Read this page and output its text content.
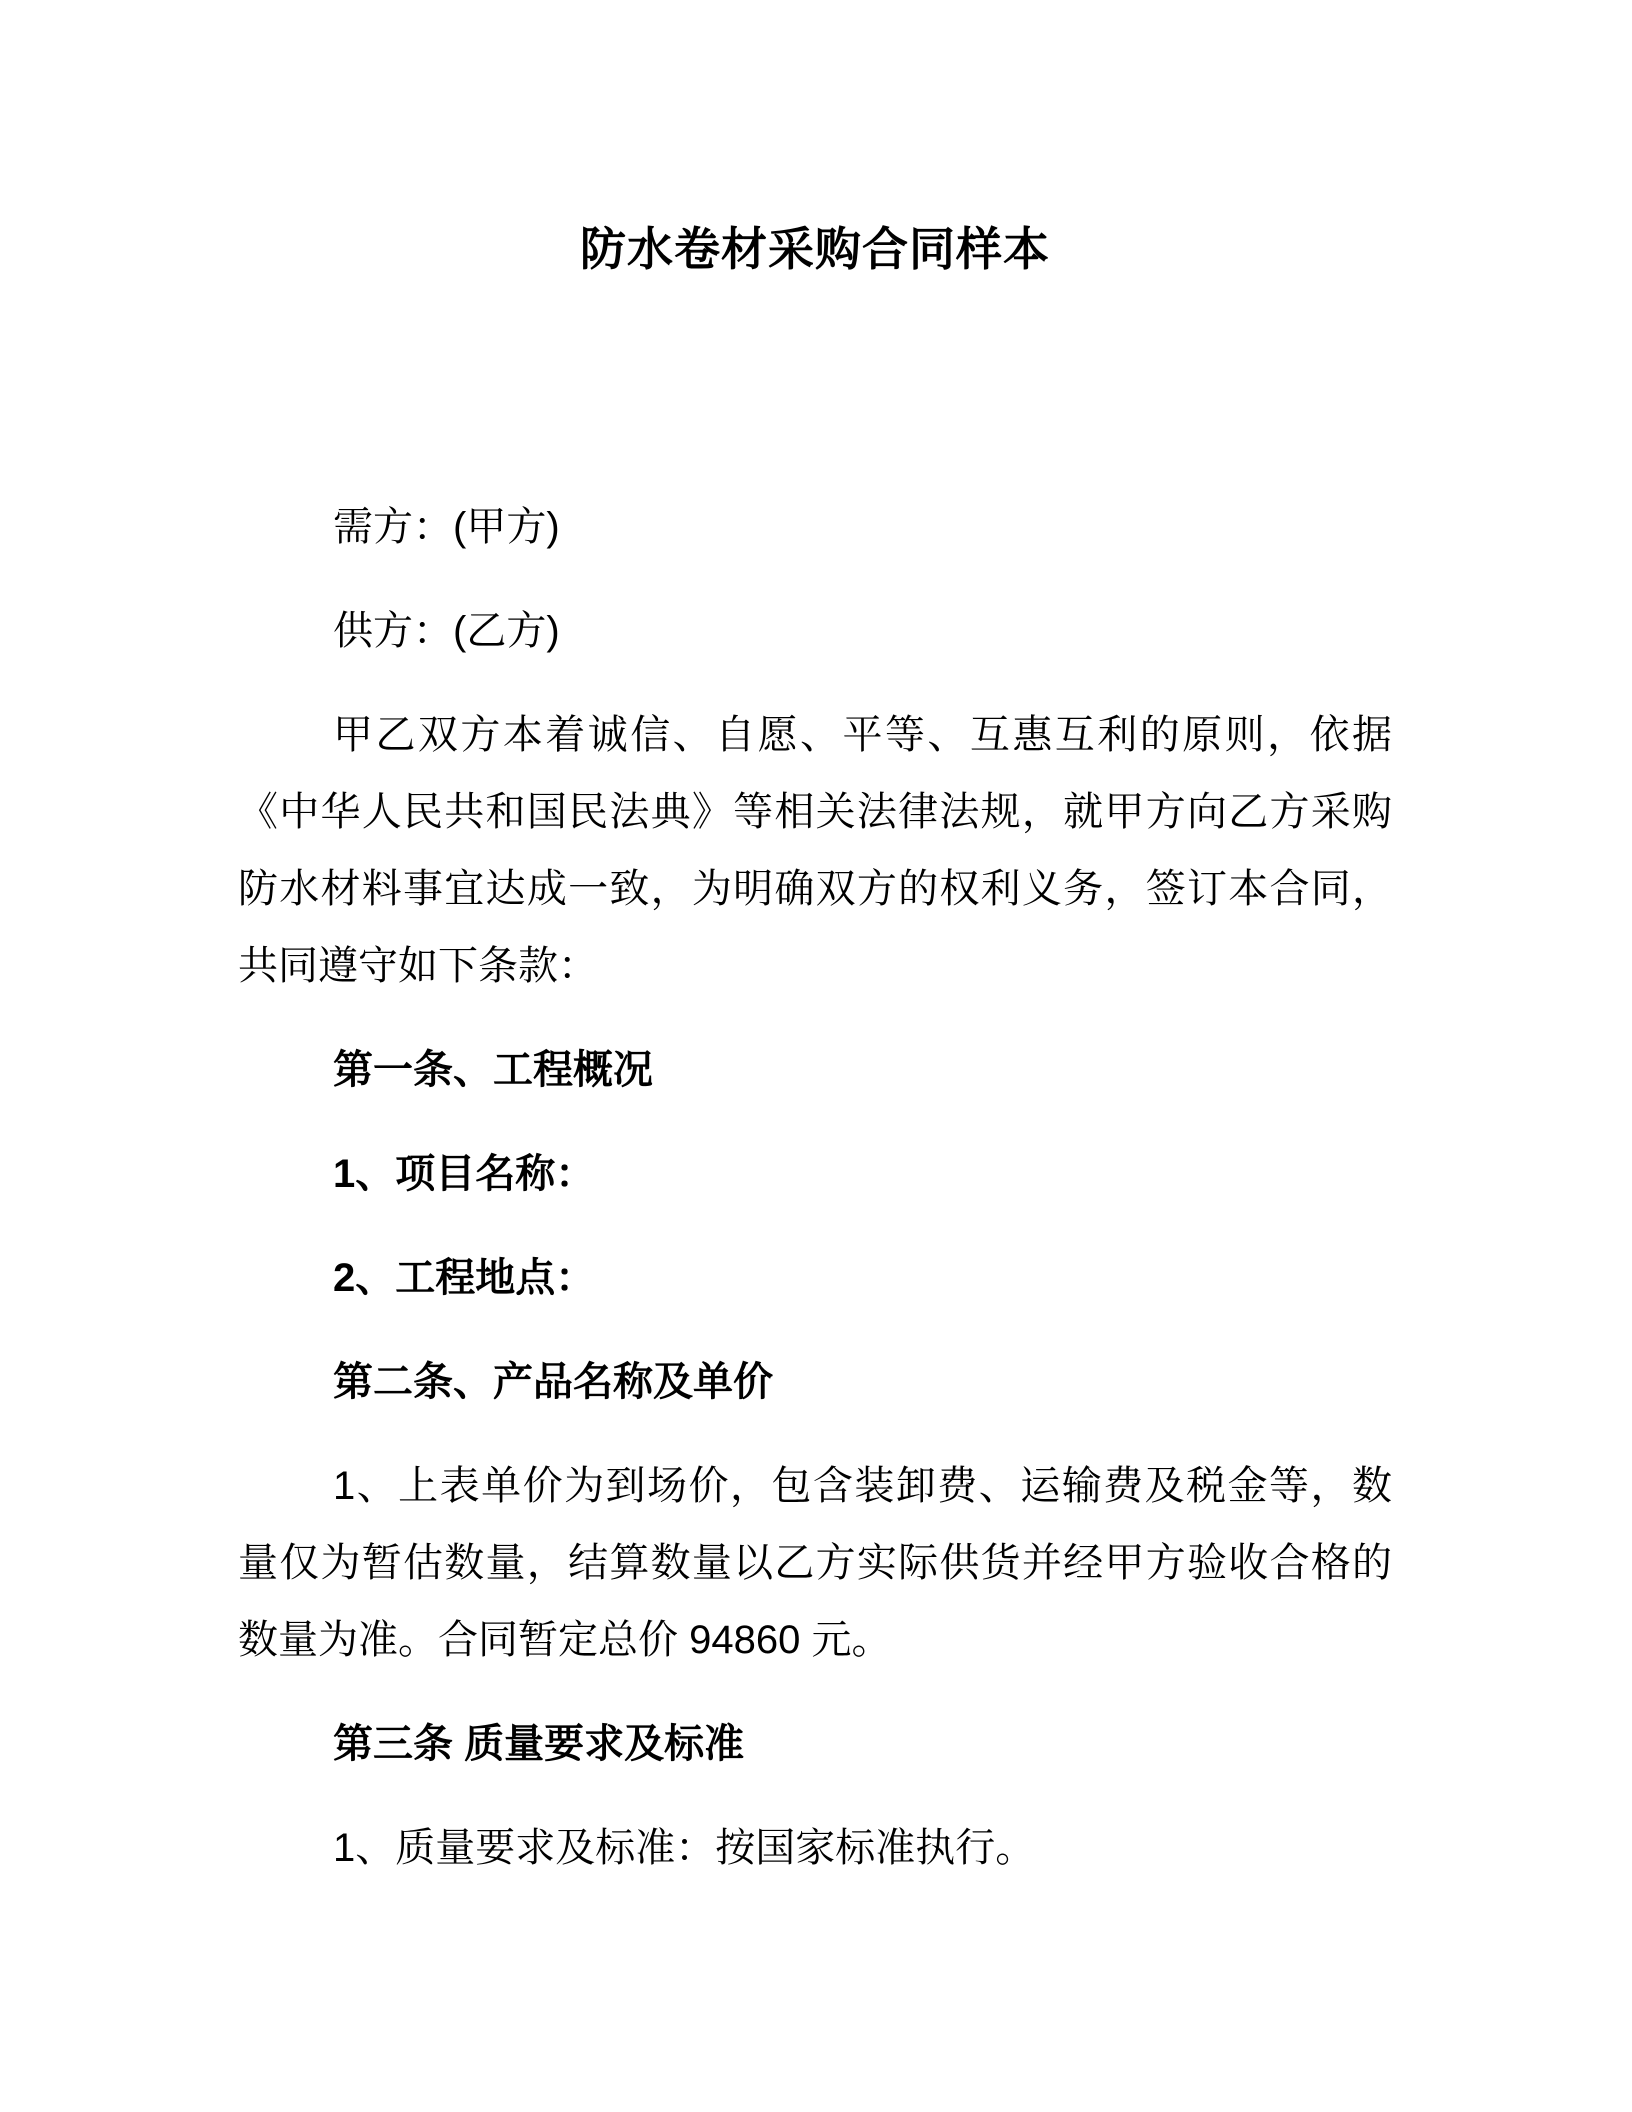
防水卷材采购合同样本

需方：(甲方)

供方：(乙方)

甲乙双方本着诚信、自愿、平等、互惠互利的原则，依据《中华人民共和国民法典》等相关法律法规，就甲方向乙方采购防水材料事宜达成一致，为明确双方的权利义务，签订本合同，共同遵守如下条款：

第一条、工程概况

1、项目名称：

2、工程地点：

第二条、产品名称及单价

1、上表单价为到场价，包含装卸费、运输费及税金等，数量仅为暂估数量，结算数量以乙方实际供货并经甲方验收合格的数量为准。合同暂定总价 94860 元。

第三条 质量要求及标准

1、质量要求及标准：按国家标准执行。
